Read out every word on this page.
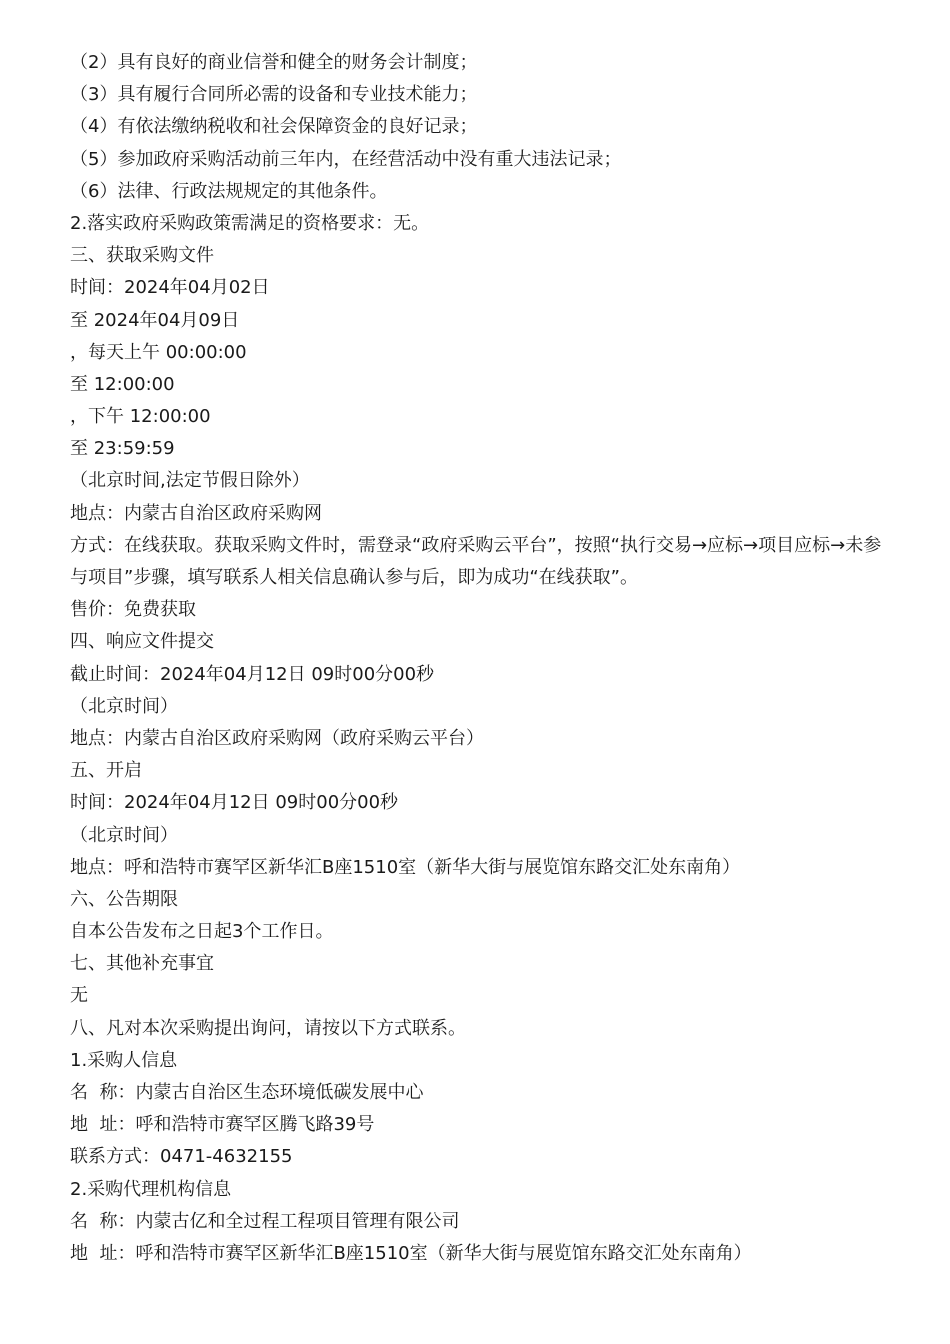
（2）具有良好的商业信誉和健全的财务会计制度；
（3）具有履行合同所必需的设备和专业技术能力；
（4）有依法缴纳税收和社会保障资金的良好记录；
（5）参加政府采购活动前三年内，在经营活动中没有重大违法记录；
（6）法律、行政法规规定的其他条件。
2.落实政府采购政策需满足的资格要求：无。
三、获取采购文件
时间：2024年04月02日
至 2024年04月09日
，每天上午 00:00:00
至 12:00:00
，下午 12:00:00
至 23:59:59
（北京时间,法定节假日除外）
地点：内蒙古自治区政府采购网
方式：在线获取。获取采购文件时，需登录“政府采购云平台”，按照“执行交易→应标→项目应标→未参与项目”步骤，填写联系人相关信息确认参与后，即为成功“在线获取”。
售价：免费获取
四、响应文件提交
截止时间：2024年04月12日 09时00分00秒
（北京时间）
地点：内蒙古自治区政府采购网（政府采购云平台）
五、开启
时间：2024年04月12日 09时00分00秒
（北京时间）
地点：呼和浩特市赛罕区新华汇B座1510室（新华大街与展览馆东路交汇处东南角）
六、公告期限
自本公告发布之日起3个工作日。
七、其他补充事宜
无
八、凡对本次采购提出询问，请按以下方式联系。
1.采购人信息
名  称：内蒙古自治区生态环境低碳发展中心
地  址：呼和浩特市赛罕区腾飞路39号
联系方式：0471-4632155
2.采购代理机构信息
名  称：内蒙古亿和全过程工程项目管理有限公司
地  址：呼和浩特市赛罕区新华汇B座1510室（新华大街与展览馆东路交汇处东南角）
